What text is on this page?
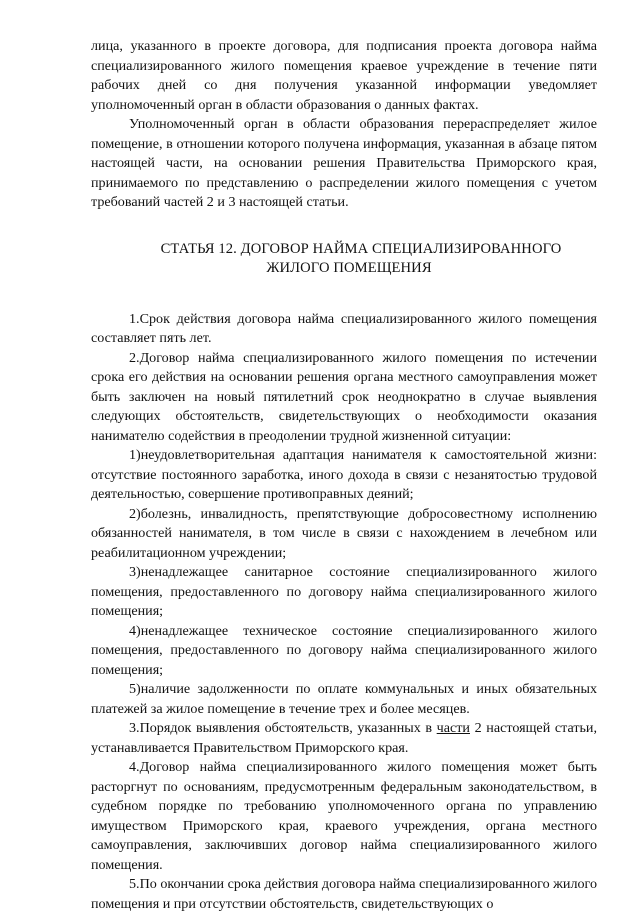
лица, указанного в проекте договора, для подписания проекта договора найма специализированного жилого помещения краевое учреждение в течение пяти рабочих дней со дня получения указанной информации уведомляет уполномоченный орган в области образования о данных фактах.

Уполномоченный орган в области образования перераспределяет жилое помещение, в отношении которого получена информация, указанная в абзаце пятом настоящей части, на основании решения Правительства Приморского края, принимаемого по представлению о распределении жилого помещения с учетом требований частей 2 и 3 настоящей статьи.

СТАТЬЯ 12. ДОГОВОР НАЙМА СПЕЦИАЛИЗИРОВАННОГО
ЖИЛОГО ПОМЕЩЕНИЯ

1.Срок действия договора найма специализированного жилого помещения составляет пять лет.

2.Договор найма специализированного жилого помещения по истечении срока его действия на основании решения органа местного самоуправления может быть заключен на новый пятилетний срок неоднократно в случае выявления следующих обстоятельств, свидетельствующих о необходимости оказания нанимателю содействия в преодолении трудной жизненной ситуации:

1)неудовлетворительная адаптация нанимателя к самостоятельной жизни: отсутствие постоянного заработка, иного дохода в связи с незанятостью трудовой деятельностью, совершение противоправных деяний;

2)болезнь, инвалидность, препятствующие добросовестному исполнению обязанностей нанимателя, в том числе в связи с нахождением в лечебном или реабилитационном учреждении;

3)ненадлежащее санитарное состояние специализированного жилого помещения, предоставленного по договору найма специализированного жилого помещения;

4)ненадлежащее техническое состояние специализированного жилого помещения, предоставленного по договору найма специализированного жилого помещения;

5)наличие задолженности по оплате коммунальных и иных обязательных платежей за жилое помещение в течение трех и более месяцев.

3.Порядок выявления обстоятельств, указанных в части 2 настоящей статьи, устанавливается Правительством Приморского края.

4.Договор найма специализированного жилого помещения может быть расторгнут по основаниям, предусмотренным федеральным законодательством, в судебном порядке по требованию уполномоченного органа по управлению имуществом Приморского края, краевого учреждения, органа местного самоуправления, заключивших договор найма специализированного жилого помещения.

5.По окончании срока действия договора найма специализированного жилого помещения и при отсутствии обстоятельств, свидетельствующих о
